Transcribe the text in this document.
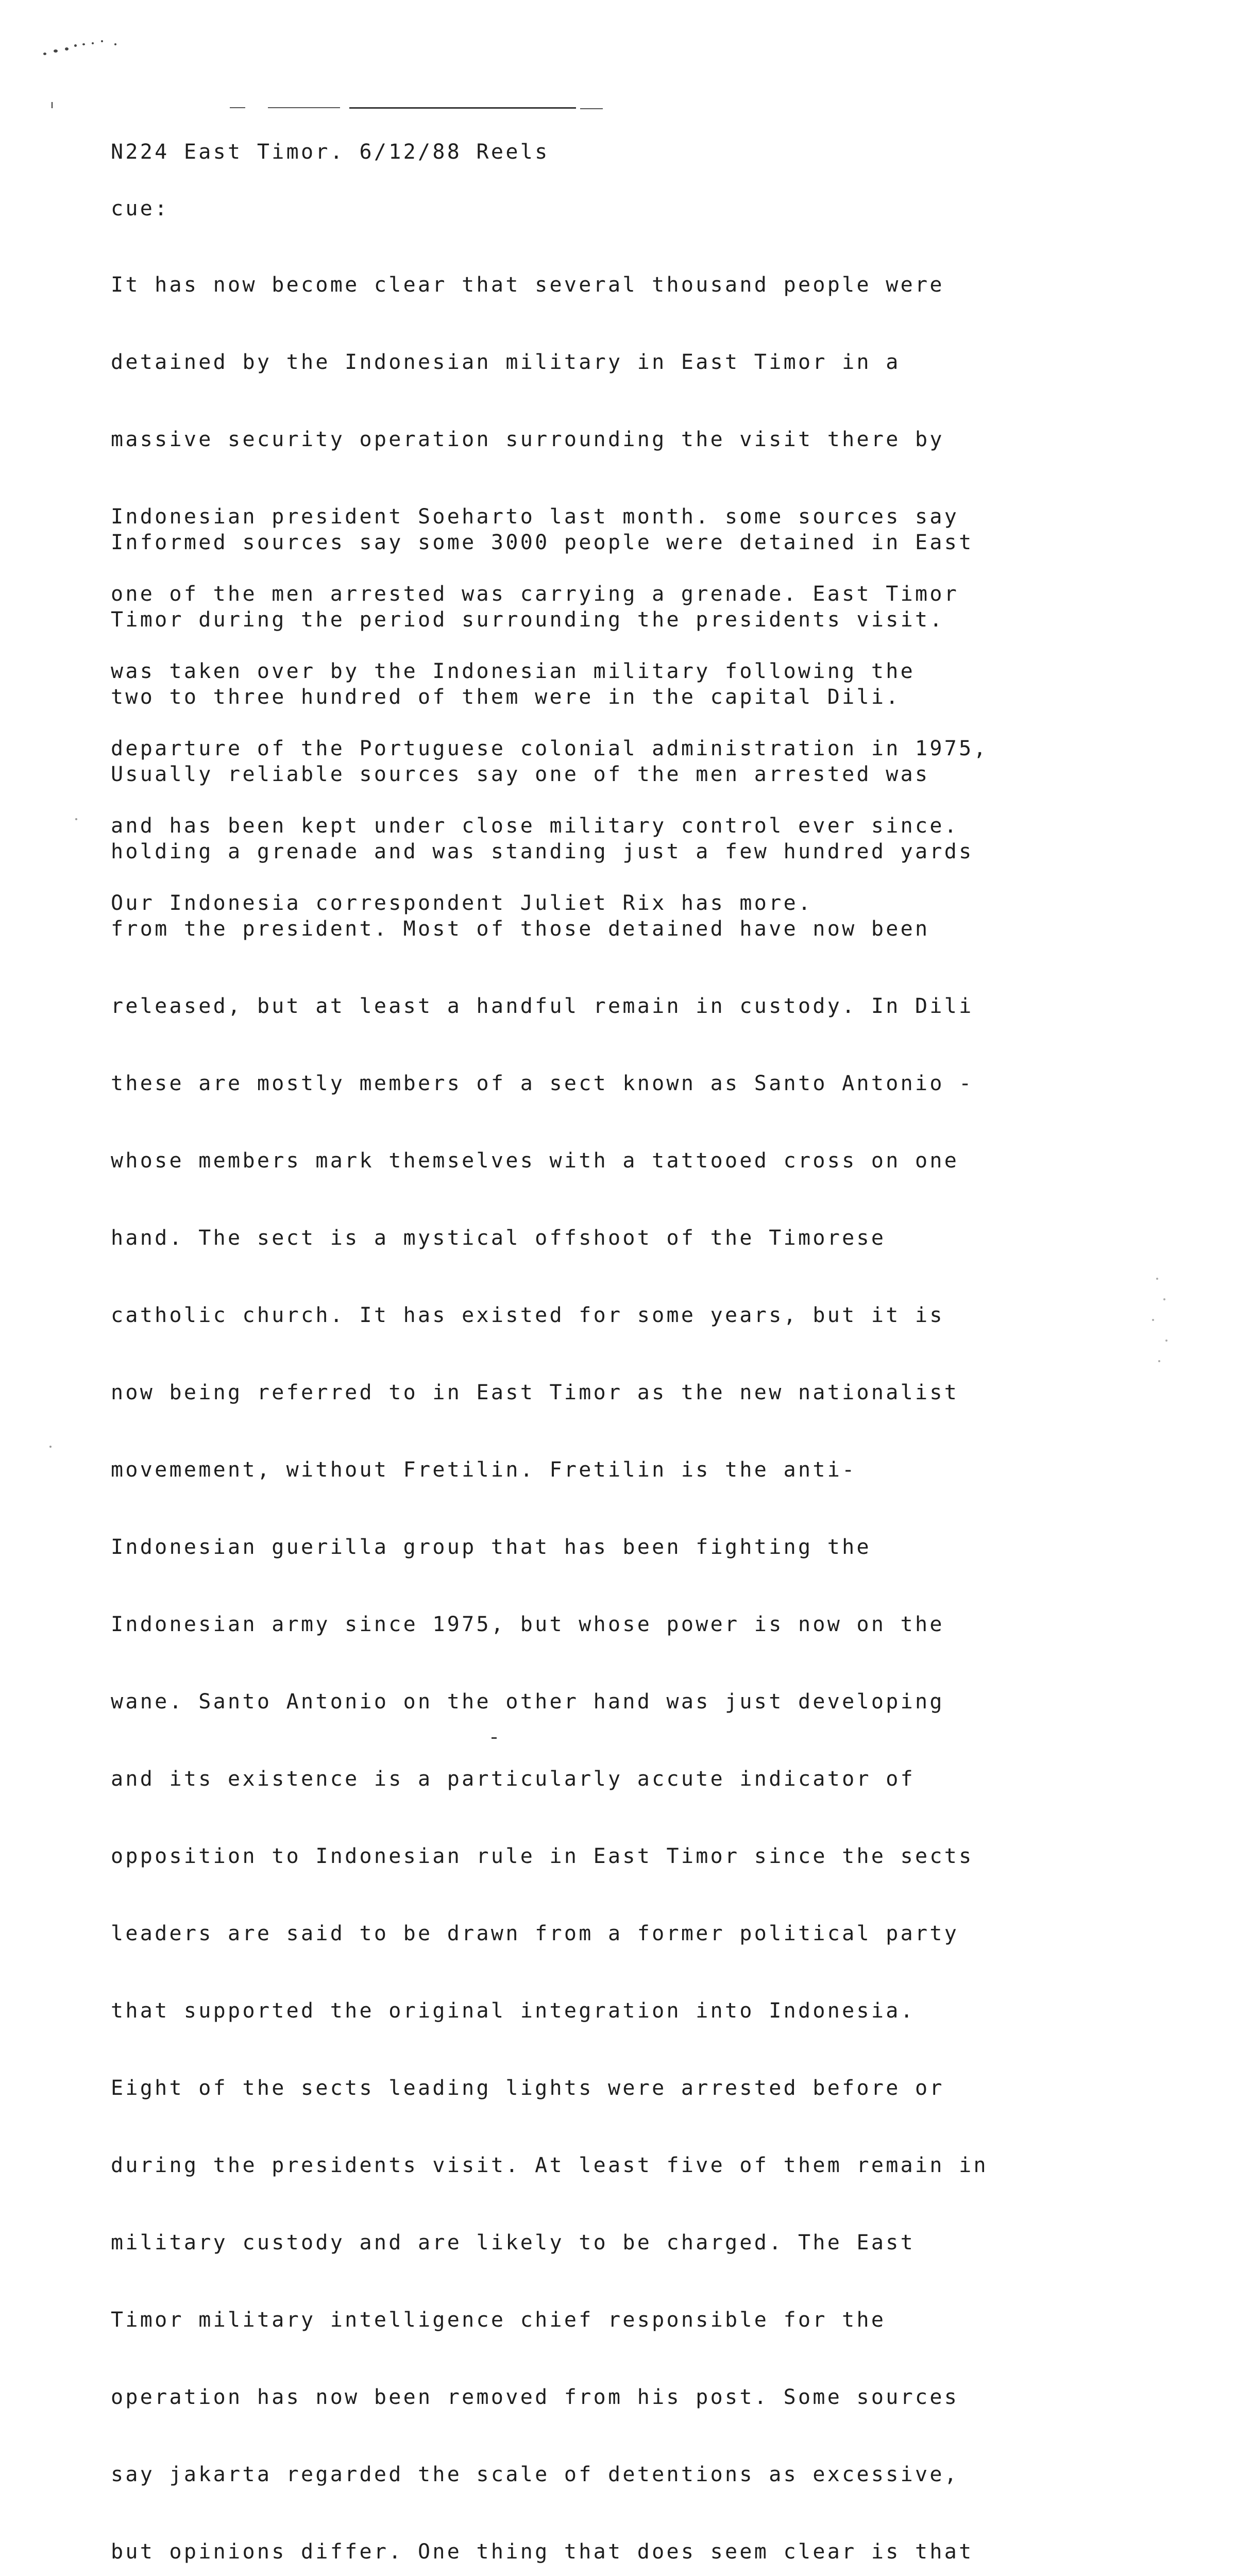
N224 East Timor. 6/12/88 Reels

cue:

It has now become clear that several thousand people were

detained by the Indonesian military in East Timor in a

massive security operation surrounding the visit there by

Indonesian president Soeharto last month. some sources say

one of the men arrested was carrying a grenade. East Timor

was taken over by the Indonesian military following the

departure of the Portuguese colonial administration in 1975,

and has been kept under close military control ever since.

Our Indonesia correspondent Juliet Rix has more.

Informed sources say some 3000 people were detained in East

Timor during the period surrounding the presidents visit.

two to three hundred of them were in the capital Dili.

Usually reliable sources say one of the men arrested was

holding a grenade and was standing just a few hundred yards

from the president. Most of those detained have now been

released, but at least a handful remain in custody. In Dili

these are mostly members of a sect known as Santo Antonio -

whose members mark themselves with a tattooed cross on one

hand. The sect is a mystical offshoot of the Timorese

catholic church. It has existed for some years, but it is

now being referred to in East Timor as the new nationalist

movemement, without Fretilin. Fretilin is the anti-

Indonesian guerilla group that has been fighting the

Indonesian army since 1975, but whose power is now on the

wane. Santo Antonio on the other hand was just developing

and its existence is a particularly accute indicator of

opposition to Indonesian rule in East Timor since the sects

leaders are said to be drawn from a former political party

that supported the original integration into Indonesia.

Eight of the sects leading lights were arrested before or

during the presidents visit. At least five of them remain in

military custody and are likely to be charged. The East

Timor military intelligence chief responsible for the

operation has now been removed from his post. Some sources

say jakarta regarded the scale of detentions as excessive,

but opinions differ. One thing that does seem clear is that
